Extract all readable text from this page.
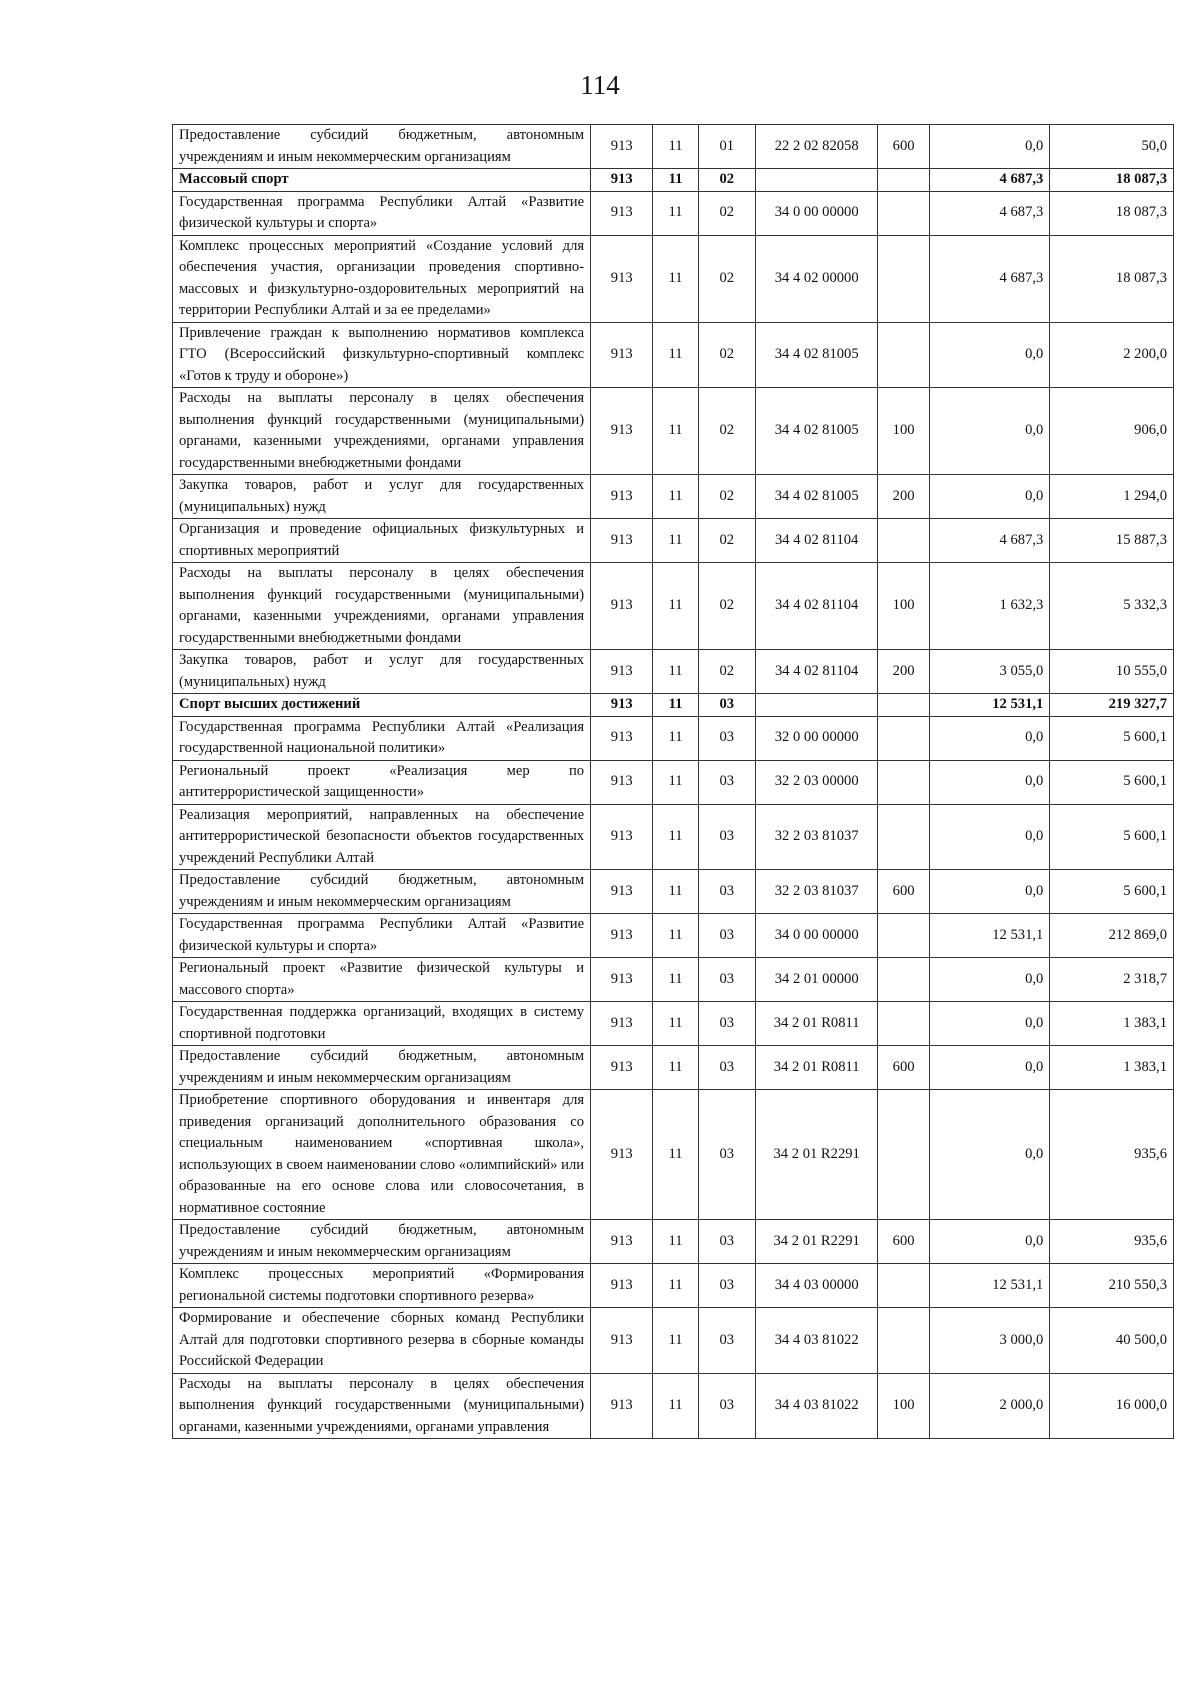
114
Предоставление субсидий бюджетным, автономным учреждениям и иным некоммерческим организациям	913	11	01	22 2 02 82058	600	0,0	50,0
Массовый спорт	913	11	02			4 687,3	18 087,3
Государственная программа Республики Алтай «Развитие физической культуры и спорта»	913	11	02	34 0 00 00000		4 687,3	18 087,3
Комплекс процессных мероприятий «Создание условий для обеспечения участия, организации проведения спортивно-массовых и физкультурно-оздоровительных мероприятий на территории Республики Алтай и за ее пределами»	913	11	02	34 4 02 00000		4 687,3	18 087,3
Привлечение граждан к выполнению нормативов комплекса ГТО (Всероссийский физкультурно-спортивный комплекс «Готов к труду и обороне»)	913	11	02	34 4 02 81005		0,0	2 200,0
Расходы на выплаты персоналу в целях обеспечения выполнения функций государственными (муниципальными) органами, казенными учреждениями, органами управления государственными внебюджетными фондами	913	11	02	34 4 02 81005	100	0,0	906,0
Закупка товаров, работ и услуг для государственных (муниципальных) нужд	913	11	02	34 4 02 81005	200	0,0	1 294,0
Организация и проведение официальных физкультурных и спортивных мероприятий	913	11	02	34 4 02 81104		4 687,3	15 887,3
Расходы на выплаты персоналу в целях обеспечения выполнения функций государственными (муниципальными) органами, казенными учреждениями, органами управления государственными внебюджетными фондами	913	11	02	34 4 02 81104	100	1 632,3	5 332,3
Закупка товаров, работ и услуг для государственных (муниципальных) нужд	913	11	02	34 4 02 81104	200	3 055,0	10 555,0
Спорт высших достижений	913	11	03			12 531,1	219 327,7
Государственная программа Республики Алтай «Реализация государственной национальной политики»	913	11	03	32 0 00 00000		0,0	5 600,1
Региональный проект «Реализация мер по антитеррористической защищенности»	913	11	03	32 2 03 00000		0,0	5 600,1
Реализация мероприятий, направленных на обеспечение антитеррористической безопасности объектов государственных учреждений Республики Алтай	913	11	03	32 2 03 81037		0,0	5 600,1
Предоставление субсидий бюджетным, автономным учреждениям и иным некоммерческим организациям	913	11	03	32 2 03 81037	600	0,0	5 600,1
Государственная программа Республики Алтай «Развитие физической культуры и спорта»	913	11	03	34 0 00 00000		12 531,1	212 869,0
Региональный проект «Развитие физической культуры и массового спорта»	913	11	03	34 2 01 00000		0,0	2 318,7
Государственная поддержка организаций, входящих в систему спортивной подготовки	913	11	03	34 2 01 R0811		0,0	1 383,1
Предоставление субсидий бюджетным, автономным учреждениям и иным некоммерческим организациям	913	11	03	34 2 01 R0811	600	0,0	1 383,1
Приобретение спортивного оборудования и инвентаря для приведения организаций дополнительного образования со специальным наименованием «спортивная школа», использующих в своем наименовании слово «олимпийский» или образованные на его основе слова или словосочетания, в нормативное состояние	913	11	03	34 2 01 R2291		0,0	935,6
Предоставление субсидий бюджетным, автономным учреждениям и иным некоммерческим организациям	913	11	03	34 2 01 R2291	600	0,0	935,6
Комплекс процессных мероприятий «Формирования региональной системы подготовки спортивного резерва»	913	11	03	34 4 03 00000		12 531,1	210 550,3
Формирование и обеспечение сборных команд Республики Алтай для подготовки спортивного резерва в сборные команды Российской Федерации	913	11	03	34 4 03 81022		3 000,0	40 500,0
Расходы на выплаты персоналу в целях обеспечения выполнения функций государственными (муниципальными) органами, казенными учреждениями, органами управления	913	11	03	34 4 03 81022	100	2 000,0	16 000,0
